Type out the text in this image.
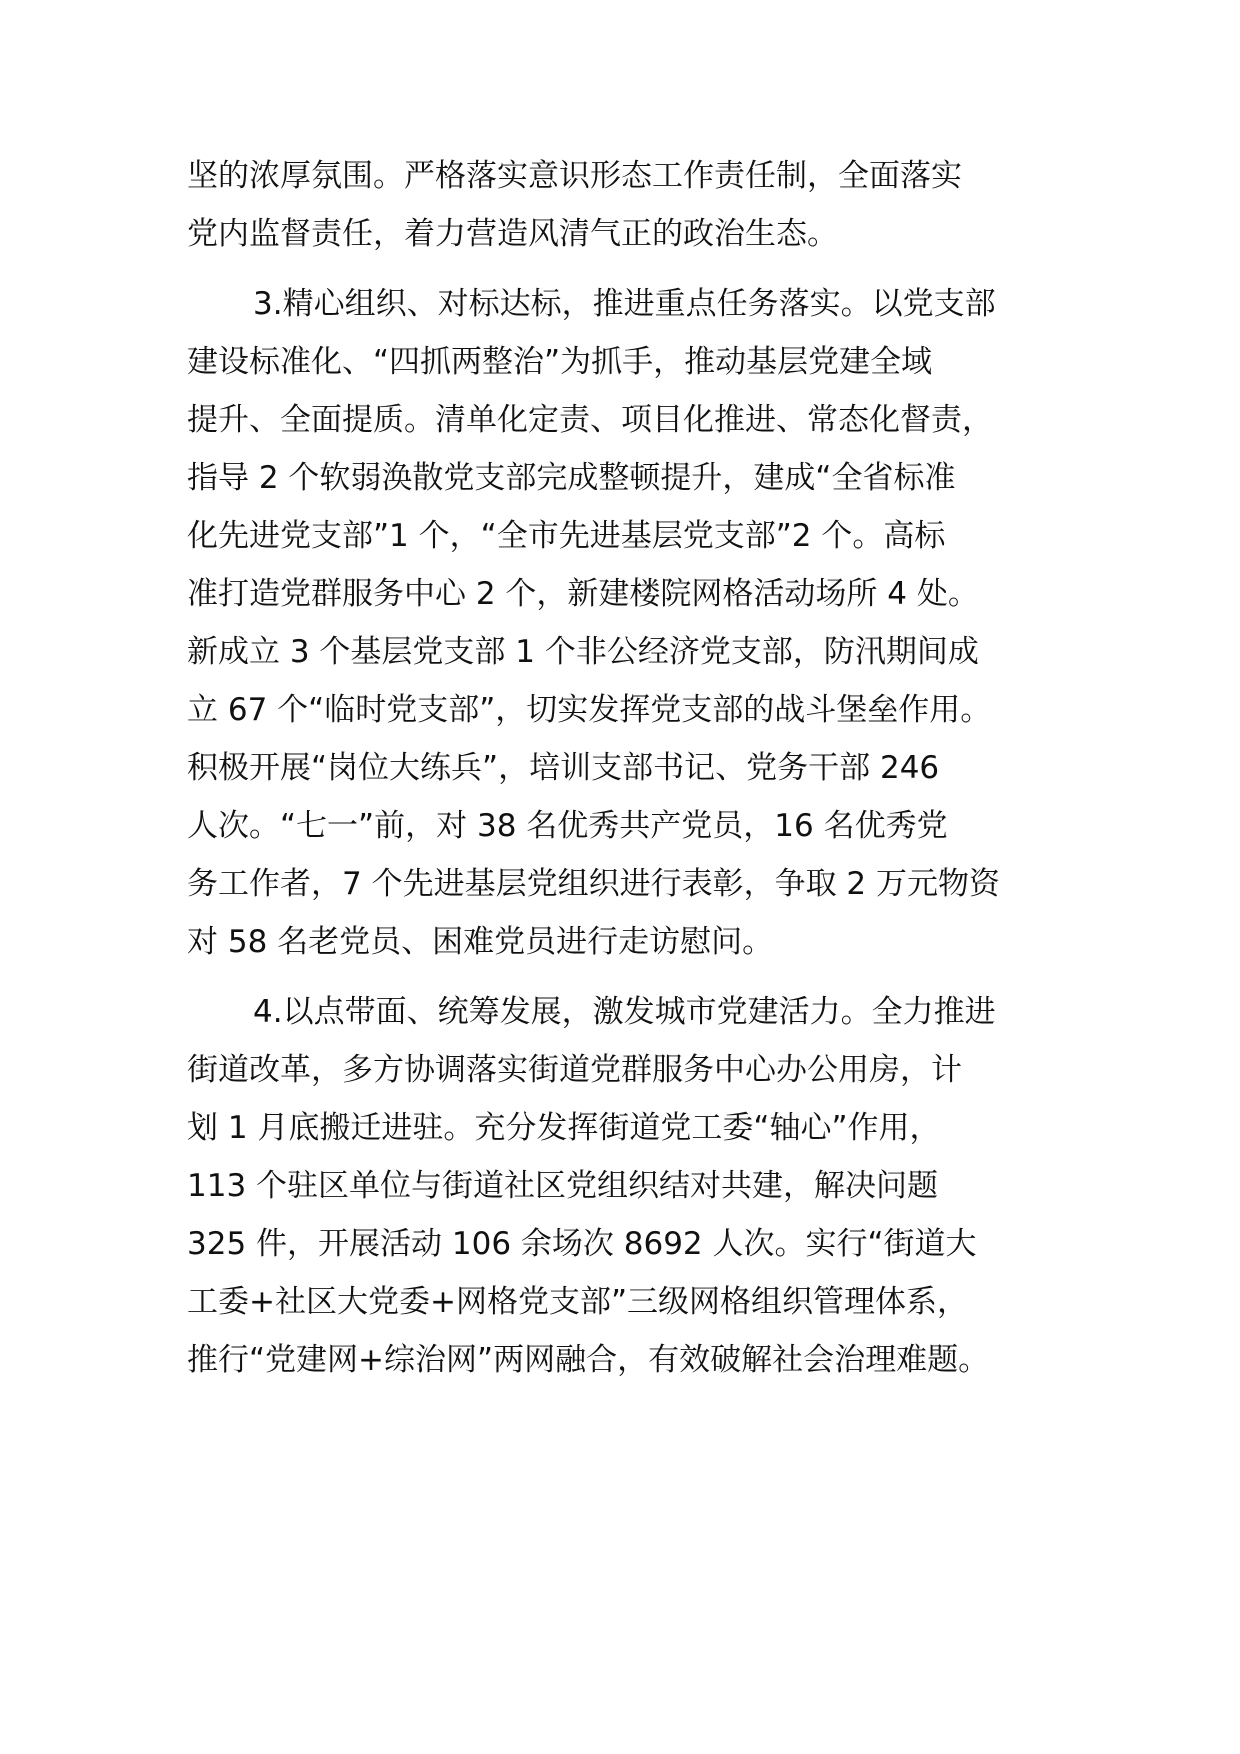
坚的浓厚氛围。严格落实意识形态工作责任制，全面落实
党内监督责任，着力营造风清气正的政治生态。
3.精心组织、对标达标，推进重点任务落实。以党支部
建设标准化、“四抓两整治”为抓手，推动基层党建全域
提升、全面提质。清单化定责、项目化推进、常态化督责，
指导 2 个软弱涣散党支部完成整顿提升，建成“全省标准
化先进党支部”1 个，“全市先进基层党支部”2 个。高标
准打造党群服务中心 2 个，新建楼院网格活动场所 4 处。
新成立 3 个基层党支部 1 个非公经济党支部，防汛期间成
立 67 个“临时党支部”，切实发挥党支部的战斗堡垒作用。
积极开展“岗位大练兵”，培训支部书记、党务干部 246
人次。“七一”前，对 38 名优秀共产党员，16 名优秀党
务工作者，7 个先进基层党组织进行表彰，争取 2 万元物资
对 58 名老党员、困难党员进行走访慰问。
4.以点带面、统筹发展，激发城市党建活力。全力推进
街道改革，多方协调落实街道党群服务中心办公用房，计
划 1 月底搬迁进驻。充分发挥街道党工委“轴心”作用，
113 个驻区单位与街道社区党组织结对共建，解决问题
325 件，开展活动 106 余场次 8692 人次。实行“街道大
工委+社区大党委+网格党支部”三级网格组织管理体系，
推行“党建网+综治网”两网融合，有效破解社会治理难题。
